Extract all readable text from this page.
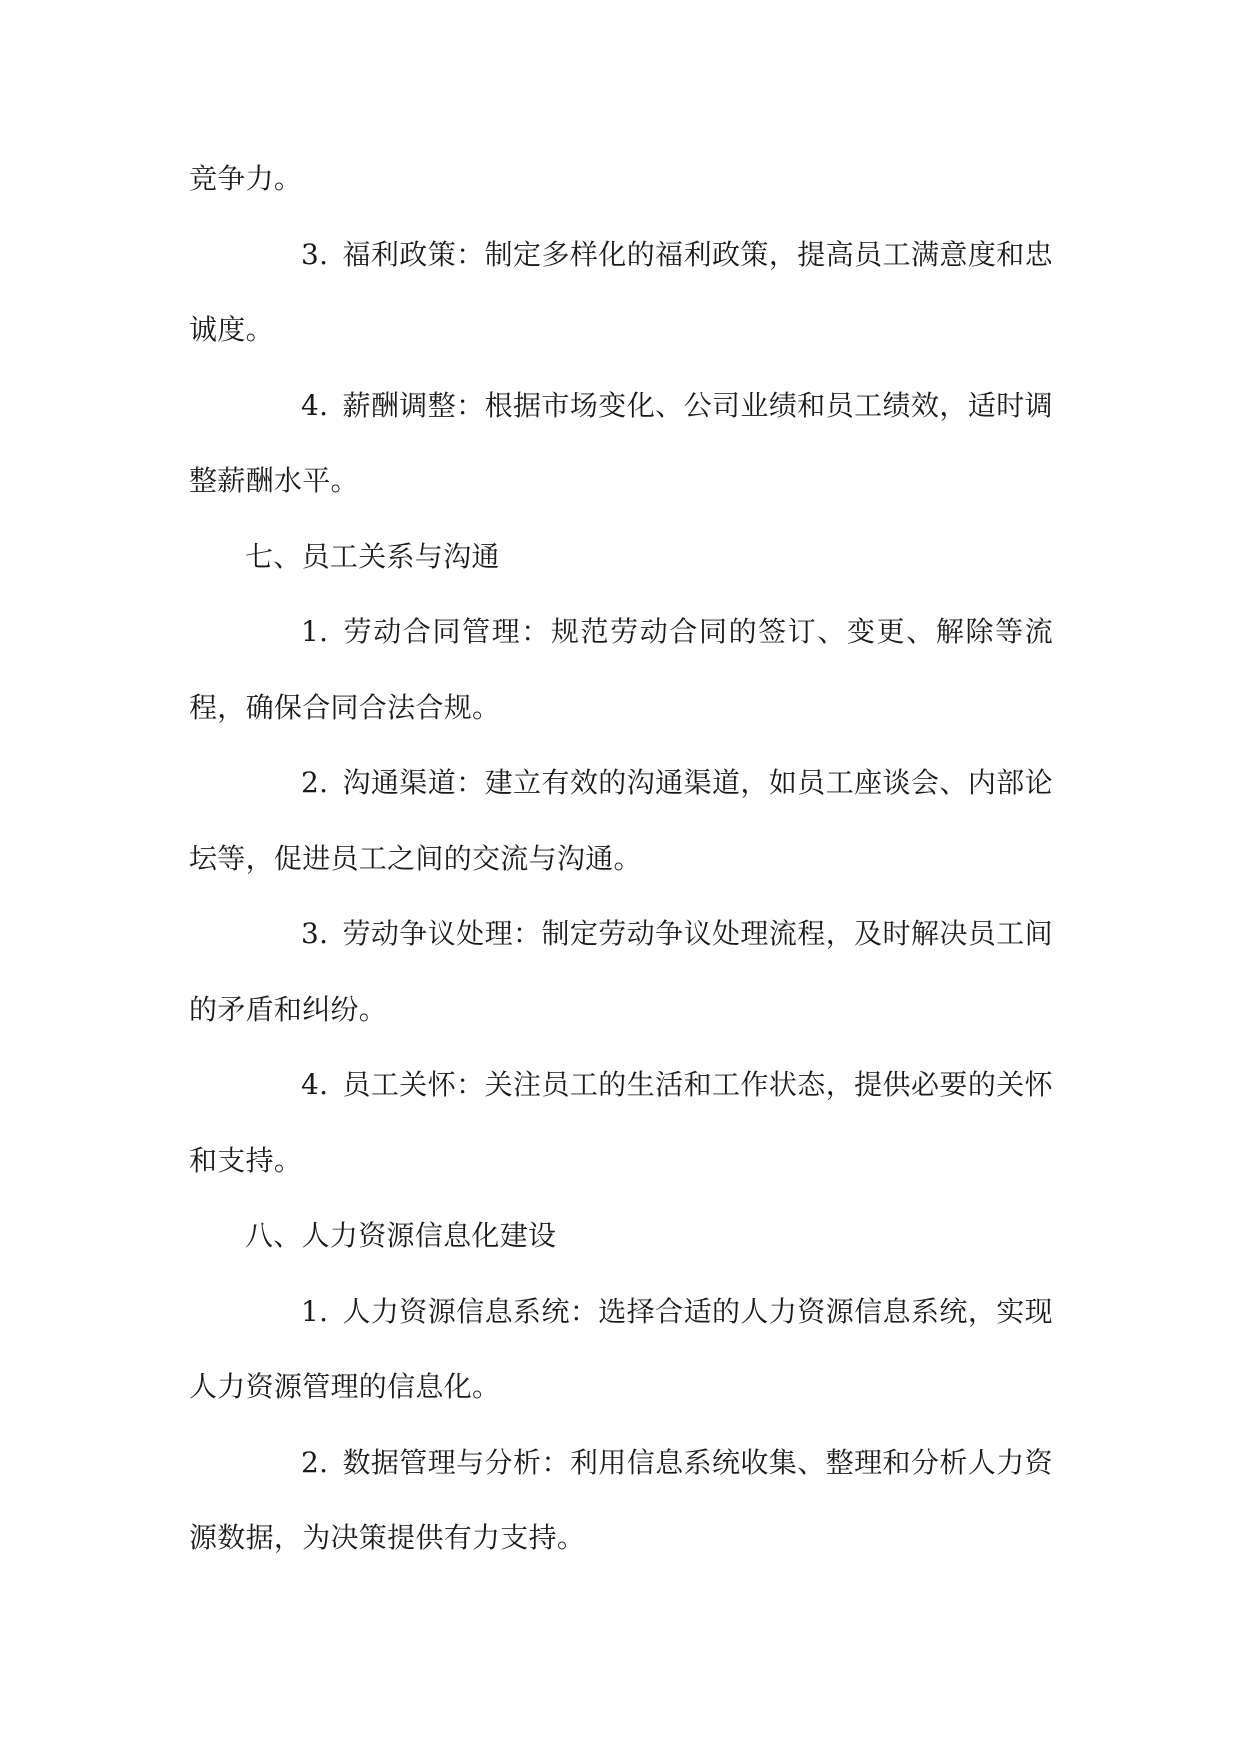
竞争力。

3. 福利政策：制定多样化的福利政策，提高员工满意度和忠诚度。

4. 薪酬调整：根据市场变化、公司业绩和员工绩效，适时调整薪酬水平。

七、员工关系与沟通

1. 劳动合同管理：规范劳动合同的签订、变更、解除等流程，确保合同合法合规。

2. 沟通渠道：建立有效的沟通渠道，如员工座谈会、内部论坛等，促进员工之间的交流与沟通。

3. 劳动争议处理：制定劳动争议处理流程，及时解决员工间的矛盾和纠纷。

4. 员工关怀：关注员工的生活和工作状态，提供必要的关怀和支持。

八、人力资源信息化建设

1. 人力资源信息系统：选择合适的人力资源信息系统，实现人力资源管理的信息化。

2. 数据管理与分析：利用信息系统收集、整理和分析人力资源数据，为决策提供有力支持。
